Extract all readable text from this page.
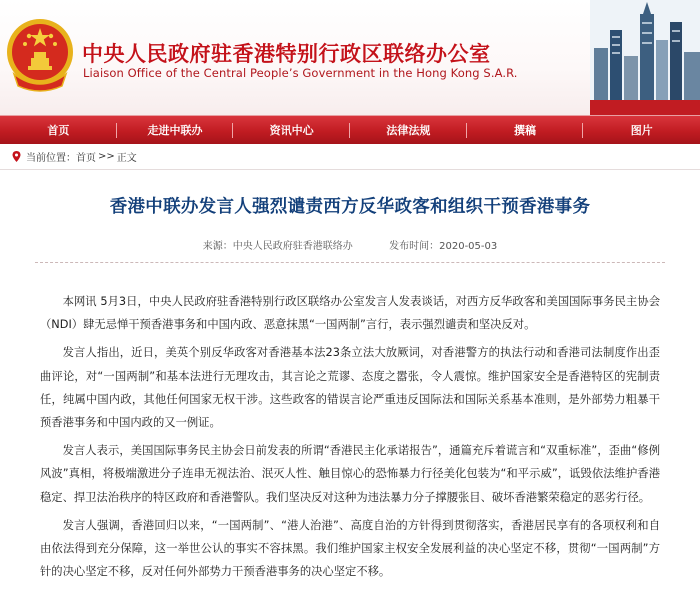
中央人民政府驻香港特别行政区联络办公室
Liaison Office of the Central People’s Government in the Hong Kong S.A.R.
首页	走进中联办	资讯中心	法律法规	撰稿	图片
当前位置： 首页 >> 正文
香港中联办发言人强烈谴责西方反华政客和组织干预香港事务
来源：中央人民政府驻香港联络办	发布时间：2020-05-03

本网讯 5月3日，中央人民政府驻香港特别行政区联络办公室发言人发表谈话，对西方反华政客和美国国际事务民主协会（NDI）肆无忌惮干预香港事务和中国内政、恶意抹黑“一国两制”言行，表示强烈谴责和坚决反对。

发言人指出，近日，美英个别反华政客对香港基本法23条立法大放厥词，对香港警方的执法行动和香港司法制度作出歪曲评论，对“一国两制”和基本法进行无理攻击，其言论之荒谬、态度之嚣张，令人震惊。维护国家安全是香港特区的宪制责任，纯属中国内政，其他任何国家无权干涉。这些政客的错误言论严重违反国际法和国际关系基本准则，是外部势力粗暴干预香港事务和中国内政的又一例证。

发言人表示，美国国际事务民主协会日前发表的所谓“香港民主化承诺报告”，通篇充斥着谎言和“双重标准”，歪曲“修例风波”真相，将极端激进分子连串无视法治、泯灭人性、触目惊心的恐怖暴力行径美化包装为“和平示威”，诋毁依法维护香港稳定、捍卫法治秩序的特区政府和香港警队。我们坚决反对这种为违法暴力分子撑腰张目、破坏香港繁荣稳定的恶劣行径。

发言人强调，香港回归以来，“一国两制”、“港人治港”、高度自治的方针得到贯彻落实，香港居民享有的各项权利和自由依法得到充分保障，这一举世公认的事实不容抹黑。我们维护国家主权安全发展利益的决心坚定不移，贯彻“一国两制”方针的决心坚定不移，反对任何外部势力干预香港事务的决心坚定不移。
